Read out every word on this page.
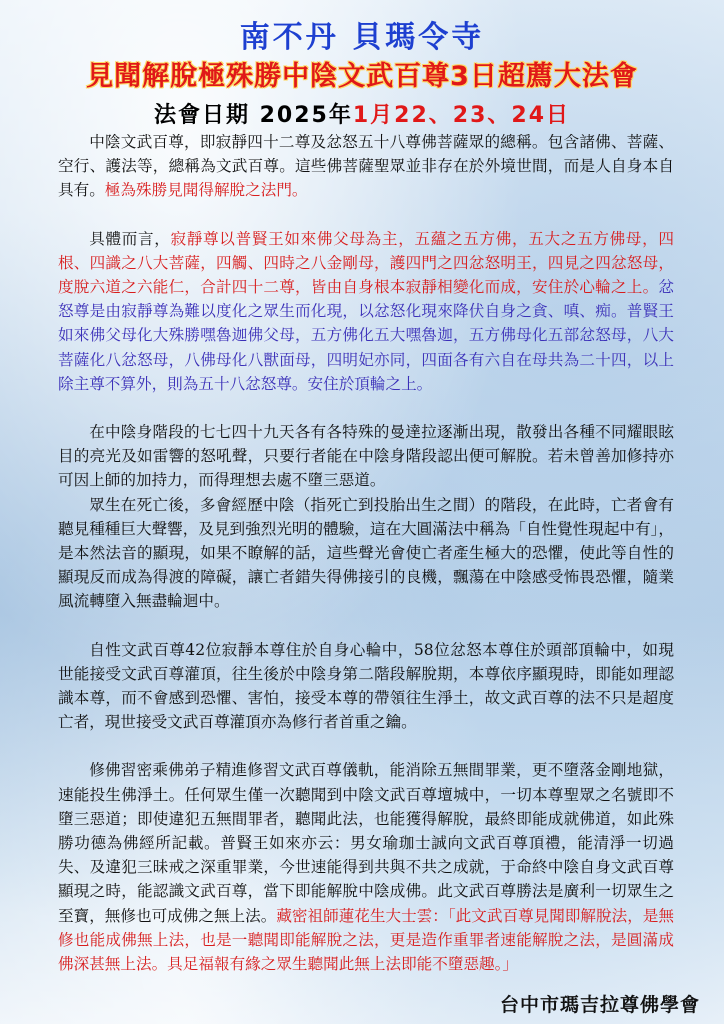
南不丹 貝瑪令寺
見聞解脫極殊勝中陰文武百尊3日超薦大法會
法會日期 2025年1月22、23、24日

中陰文武百尊，即寂靜四十二尊及忿怒五十八尊佛菩薩眾的總稱。包含諸佛、菩薩、空行、護法等，總稱為文武百尊。這些佛菩薩聖眾並非存在於外境世間，而是人自身本自具有。極為殊勝見聞得解脫之法門。

具體而言，寂靜尊以普賢王如來佛父母為主，五蘊之五方佛，五大之五方佛母，四根、四識之八大菩薩，四觸、四時之八金剛母，護四門之四忿怒明王，四見之四忿怒母，度脫六道之六能仁，合計四十二尊，皆由自身根本寂靜相變化而成，安住於心輪之上。忿怒尊是由寂靜尊為難以度化之眾生而化現，以忿怒化現來降伏自身之貪、嗔、痴。普賢王如來佛父母化大殊勝嘿魯迦佛父母，五方佛化五大嘿魯迦，五方佛母化五部忿怒母，八大菩薩化八忿怒母，八佛母化八獸面母，四明妃亦同，四面各有六自在母共為二十四，以上除主尊不算外，則為五十八忿怒尊。安住於頂輪之上。

在中陰身階段的七七四十九天各有各特殊的曼達拉逐漸出現，散發出各種不同耀眼眩目的亮光及如雷響的怒吼聲，只要行者能在中陰身階段認出便可解脫。若未曾善加修持亦可因上師的加持力，而得理想去處不墮三惡道。

眾生在死亡後，多會經歷中陰（指死亡到投胎出生之間）的階段，在此時，亡者會有聽見種種巨大聲響，及見到強烈光明的體驗，這在大圓滿法中稱為「自性覺性現起中有」，是本然法音的顯現，如果不瞭解的話，這些聲光會使亡者產生極大的恐懼，使此等自性的顯現反而成為得渡的障礙，讓亡者錯失得佛接引的良機，飄蕩在中陰感受怖畏恐懼，隨業風流轉墮入無盡輪迴中。

自性文武百尊42位寂靜本尊住於自身心輪中，58位忿怒本尊住於頭部頂輪中，如現世能接受文武百尊灌頂，往生後於中陰身第二階段解脫期，本尊依序顯現時，即能如理認識本尊，而不會感到恐懼、害怕，接受本尊的帶領往生淨土，故文武百尊的法不只是超度亡者，現世接受文武百尊灌頂亦為修行者首重之鑰。

修佛習密乘佛弟子精進修習文武百尊儀軌，能消除五無間罪業，更不墮落金剛地獄，速能投生佛淨土。任何眾生僅一次聽聞到中陰文武百尊壇城中，一切本尊聖眾之名號即不墮三惡道；即使違犯五無間罪者，聽聞此法，也能獲得解脫，最終即能成就佛道，如此殊勝功德為佛經所記載。普賢王如來亦云：男女瑜珈士誠向文武百尊頂禮，能清淨一切過失、及違犯三昧戒之深重罪業，今世速能得到共與不共之成就，于命終中陰自身文武百尊顯現之時，能認識文武百尊，當下即能解脫中陰成佛。此文武百尊勝法是廣利一切眾生之至寶，無修也可成佛之無上法。藏密祖師蓮花生大士雲：「此文武百尊見聞即解脫法，是無修也能成佛無上法，也是一聽聞即能解脫之法，更是造作重罪者速能解脫之法，是圓滿成佛深甚無上法。具足福報有緣之眾生聽聞此無上法即能不墮惡趣。」

台中市瑪吉拉尊佛學會
